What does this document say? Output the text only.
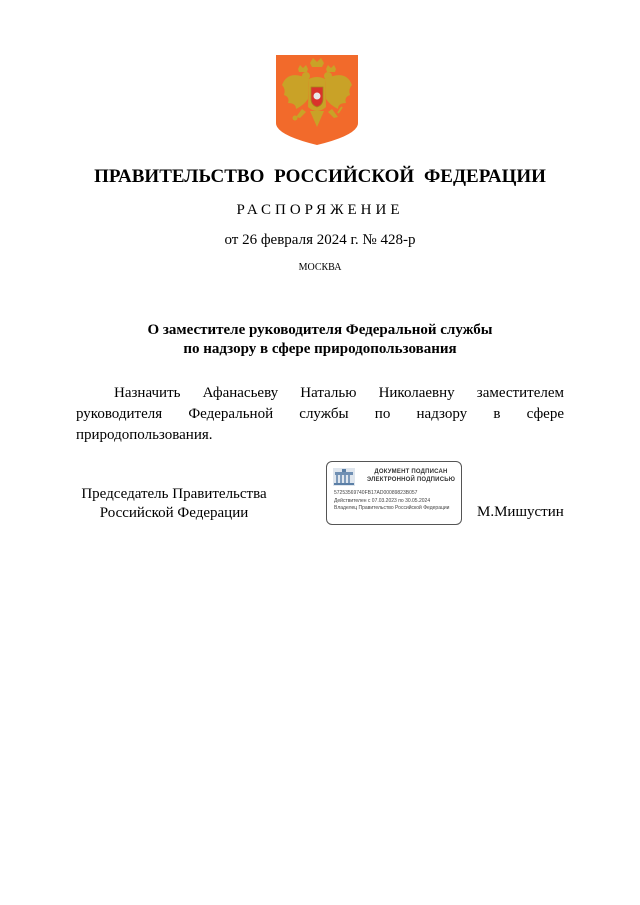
ПРАВИТЕЛЬСТВО РОССИЙСКОЙ ФЕДЕРАЦИИ
РАСПОРЯЖЕНИЕ
от 26 февраля 2024 г. № 428-р
МОСКВА
О заместителе руководителя Федеральной службы
по надзору в сфере природопользования

Назначить Афанасьеву Наталью Николаевну заместителем руководителя Федеральной службы по надзору в сфере природопользования.

Председатель Правительства
Российской Федерации
ДОКУМЕНТ ПОДПИСАН
ЭЛЕКТРОННОЙ ПОДПИСЬЮ
57253569740FB17AD00089823B057
Действителен с 07.03.2023 по 30.05.2024
Владелец Правительство Российской Федерации	М.Мишустин
